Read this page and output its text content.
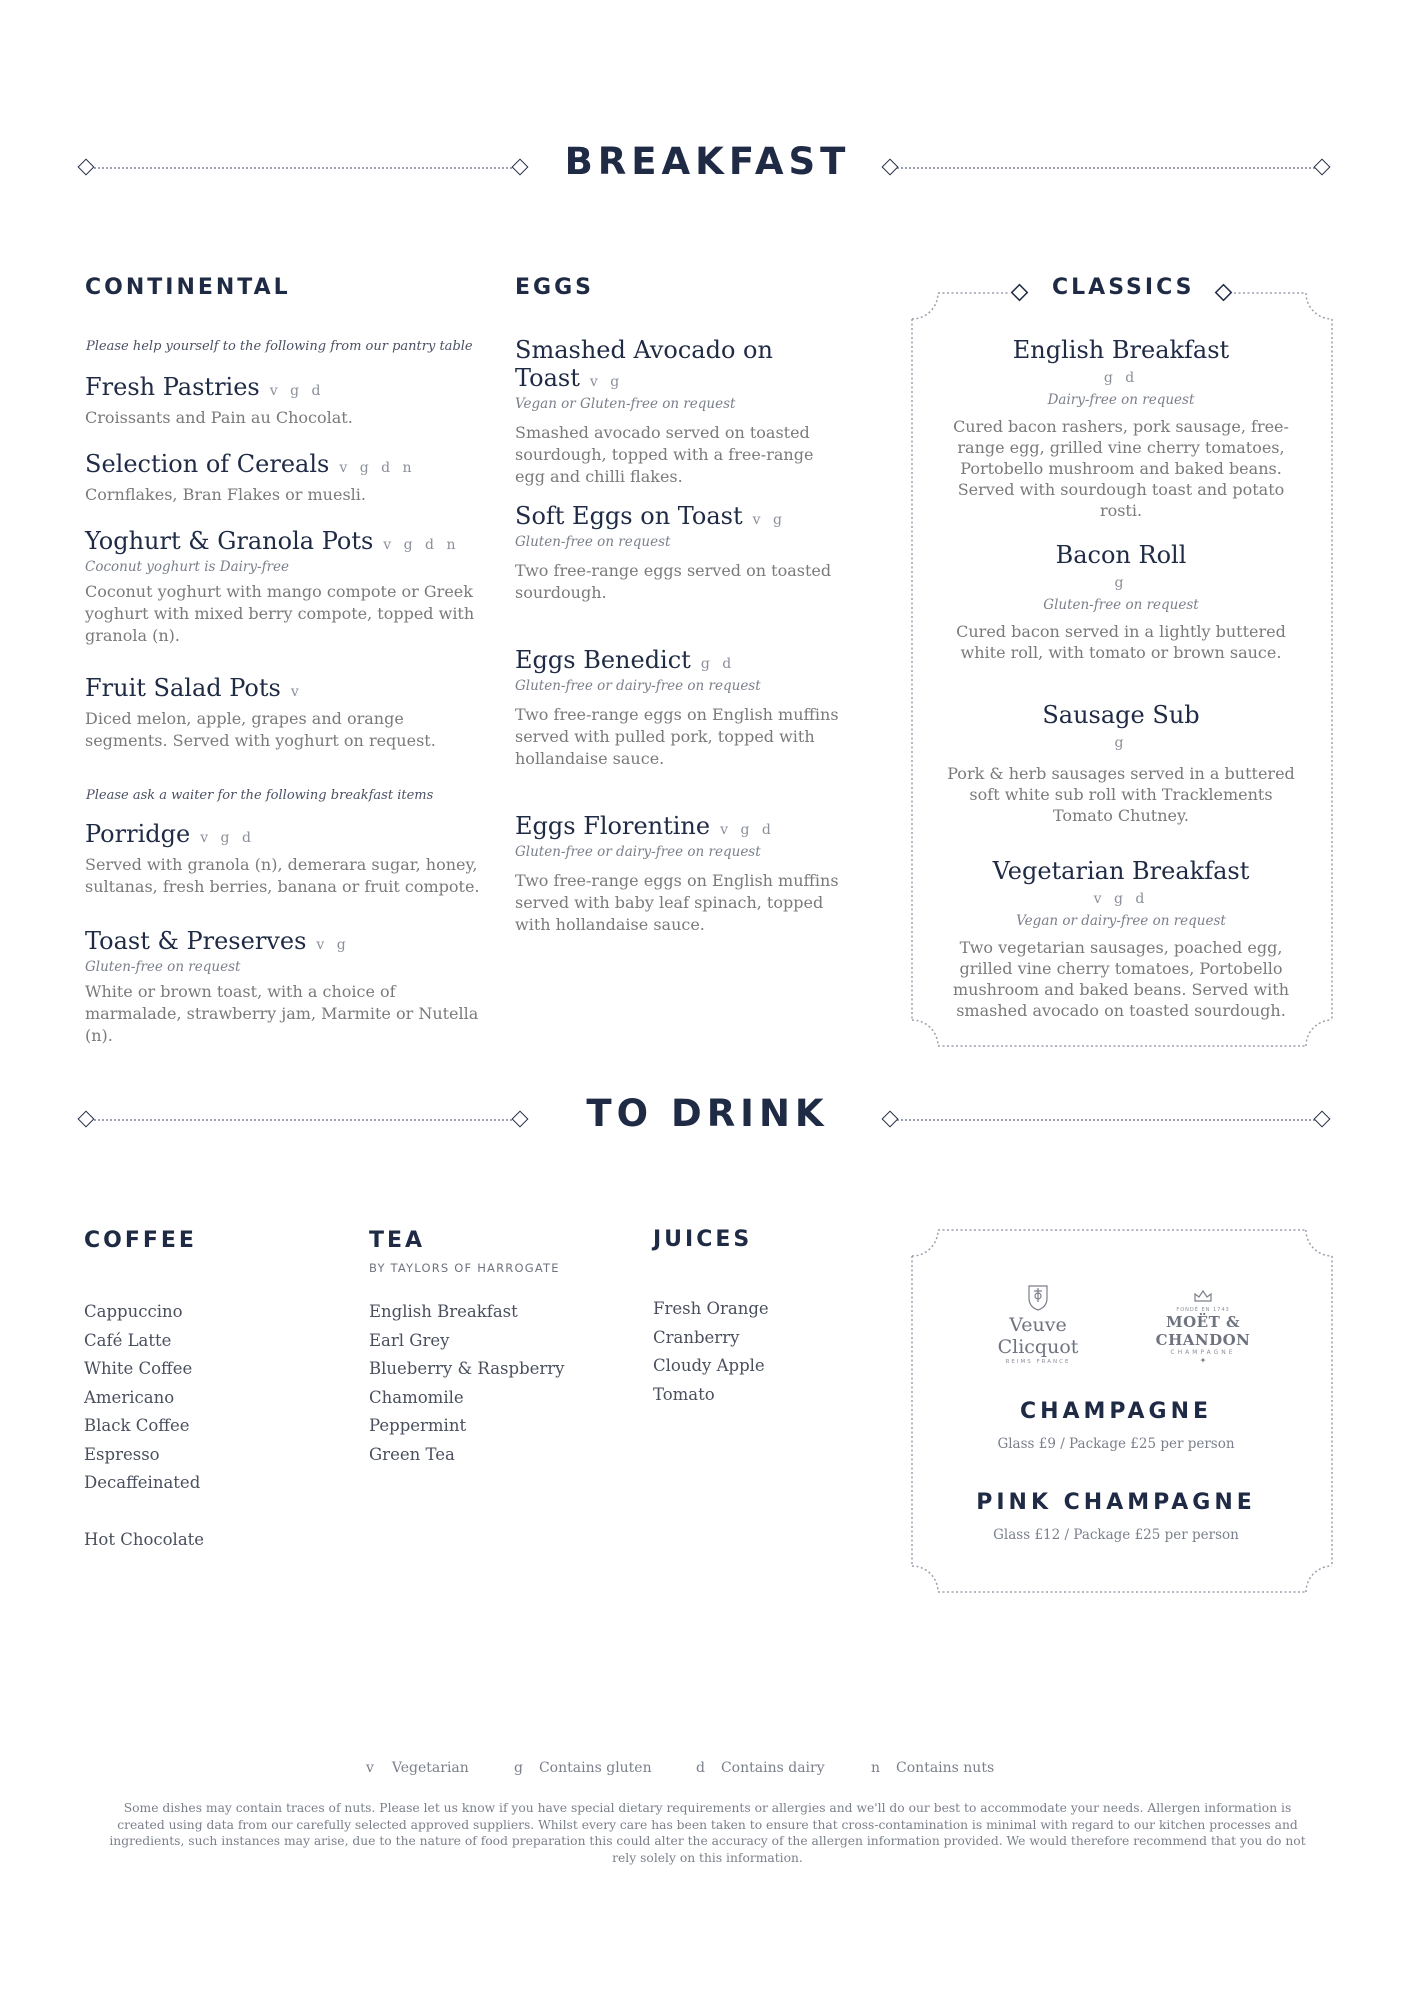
BREAKFAST
CONTINENTAL
Please help yourself to the following from our pantry table
Fresh Pastries v g d
Croissants and Pain au Chocolat.
Selection of Cereals v g d n
Cornflakes, Bran Flakes or muesli.
Yoghurt & Granola Pots v g d n
Coconut yoghurt is Dairy-free
Coconut yoghurt with mango compote or Greek yoghurt with mixed berry compote, topped with granola (n).
Fruit Salad Pots v
Diced melon, apple, grapes and orange segments. Served with yoghurt on request.
Please ask a waiter for the following breakfast items
Porridge v g d
Served with granola (n), demerara sugar, honey, sultanas, fresh berries, banana or fruit compote.
Toast & Preserves v g
Gluten-free on request
White or brown toast, with a choice of marmalade, strawberry jam, Marmite or Nutella (n).
EGGS
Smashed Avocado on Toast v g
Vegan or Gluten-free on request
Smashed avocado served on toasted sourdough, topped with a free-range egg and chilli flakes.
Soft Eggs on Toast v g
Gluten-free on request
Two free-range eggs served on toasted sourdough.
Eggs Benedict g d
Gluten-free or dairy-free on request
Two free-range eggs on English muffins served with pulled pork, topped with hollandaise sauce.
Eggs Florentine v g d
Gluten-free or dairy-free on request
Two free-range eggs on English muffins served with baby leaf spinach, topped with hollandaise sauce.
CLASSICS
English Breakfast
g d
Dairy-free on request
Cured bacon rashers, pork sausage, free-range egg, grilled vine cherry tomatoes, Portobello mushroom and baked beans. Served with sourdough toast and potato rosti.
Bacon Roll
g
Gluten-free on request
Cured bacon served in a lightly buttered white roll, with tomato or brown sauce.
Sausage Sub
g
Pork & herb sausages served in a buttered soft white sub roll with Tracklements Tomato Chutney.
Vegetarian Breakfast
v g d
Vegan or dairy-free on request
Two vegetarian sausages, poached egg, grilled vine cherry tomatoes, Portobello mushroom and baked beans. Served with smashed avocado on toasted sourdough.
TO DRINK
COFFEE
Cappuccino
Café Latte
White Coffee
Americano
Black Coffee
Espresso
Decaffeinated
Hot Chocolate
TEA
BY TAYLORS OF HARROGATE
English Breakfast
Earl Grey
Blueberry & Raspberry
Chamomile
Peppermint
Green Tea
JUICES
Fresh Orange
Cranberry
Cloudy Apple
Tomato
Veuve Clicquot
REIMS FRANCE
FONDÉ EN 1743
MOËT & CHANDON
CHAMPAGNE
✦
CHAMPAGNE
Glass £9 / Package £25 per person
PINK CHAMPAGNE
Glass £12 / Package £25 per person
v Vegetarian	g Contains gluten	d Contains dairy	n Contains nuts
Some dishes may contain traces of nuts. Please let us know if you have special dietary requirements or allergies and we'll do our best to accommodate your needs. Allergen information is created using data from our carefully selected approved suppliers. Whilst every care has been taken to ensure that cross-contamination is minimal with regard to our kitchen processes and ingredients, such instances may arise, due to the nature of food preparation this could alter the accuracy of the allergen information provided. We would therefore recommend that you do not rely solely on this information.
